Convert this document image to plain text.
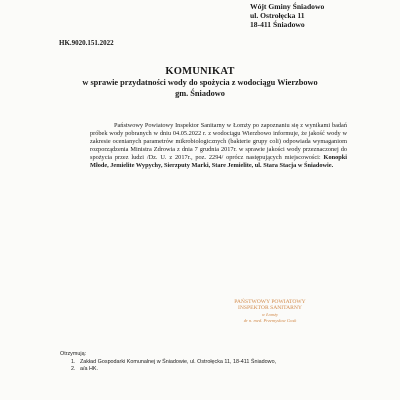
Wójt Gminy Śniadowo
ul. Ostrołęcka 11
18-411 Śniadowo
HK.9020.151.2022
KOMUNIKAT
w sprawie przydatności wody do spożycia z wodociągu Wierzbowo
gm. Śniadowo
Państwowy Powiatowy Inspektor Sanitarny w Łomży po zapoznaniu się z wynikami badań próbek wody pobranych w dniu 04.05.2022 r. z wodociągu Wierzbowo informuje, że jakość wody w zakresie ocenianych parametrów mikrobiologicznych (bakterie grupy coli) odpowiada wymaganiom rozporządzenia Ministra Zdrowia z dnia 7 grudnia 2017r. w sprawie jakości wody przeznaczonej do spożycia przez ludzi /Dz. U. z 2017r., poz. 2294/ oprócz następujących miejscowości: Konopki Młode, Jemielite Wypychy, Sierzputy Marki, Stare Jemielite, ul. Stara Stacja w Śniadowie.
PAŃSTWOWY POWIATOWY
INSPEKTOR SANITARNY
w Łomży
dr n. med. Przemysław Gosk
Otrzymują:
1. Zakład Gospodarki Komunalnej w Śniadowie, ul. Ostrołęcka 11, 18-411 Śniadowo,
2. a/a HK.
